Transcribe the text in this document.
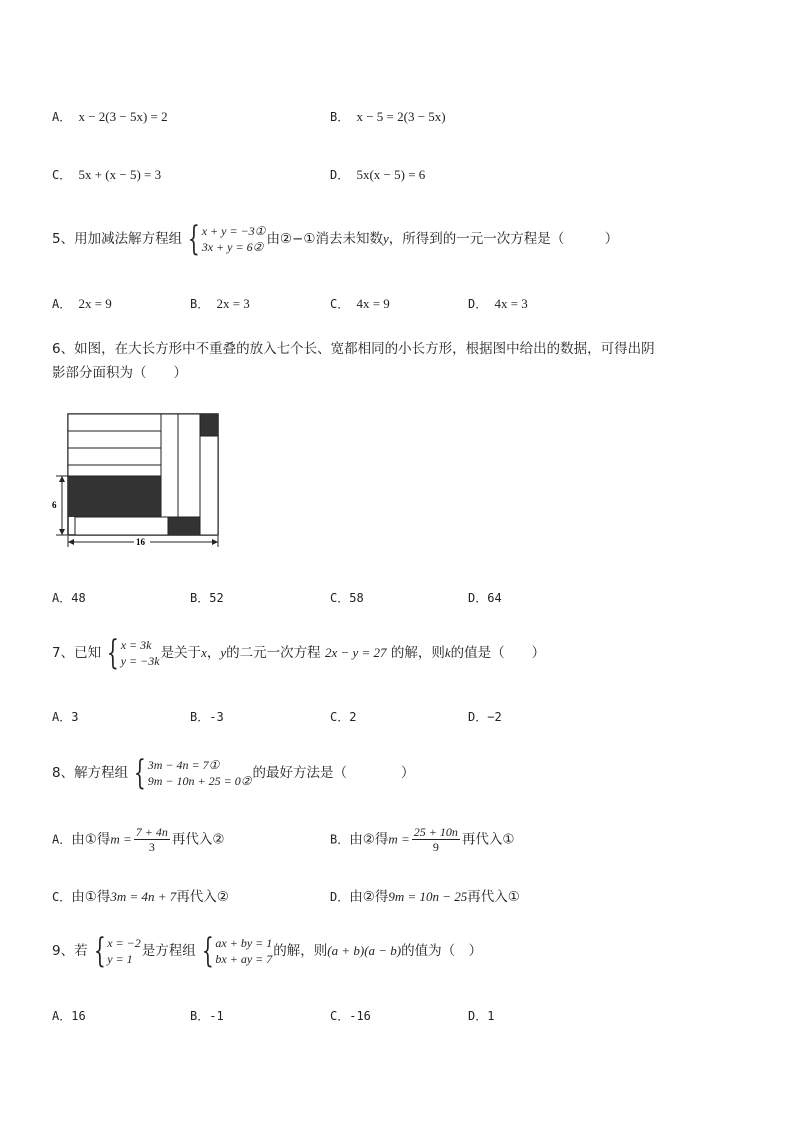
A． x − 2(3 − 5x) = 2	B． x − 5 = 2(3 − 5x)
C． 5x + (x − 5) = 3	D． 5x(x − 5) = 6
5、用加减法解方程组 { x + y = −3①
3x + y = 6② 由②−①消去未知数y，所得到的一元一次方程是（　　　）
A． 2x = 9	B． 2x = 3	C． 4x = 9	D． 4x = 3
6、如图，在大长方形中不重叠的放入七个长、宽都相同的小长方形，根据图中给出的数据，可得出阴
影部分面积为（　　）
6
16
A．48	B．52	C．58	D．64
7、已知 { x = 3k
y = −3k 是关于x，y的二元一次方程 2x − y = 27 的解，则k的值是（　　）
A．3	B．-3	C．2	D．−2
8、解方程组 { 3m − 4n = 7①
9m − 10n + 25 = 0② 的最好方法是（　　　　）
A．由①得$m = \frac{7 + 4n}{3}$ 再代入②	B．由②得$m = \frac{25 + 10n}{9}$ 再代入①
C．由①得3m = 4n + 7再代入②	D．由②得9m = 10n − 25再代入①
9、若 { x = −2
y = 1 是方程组 { ax + by = 1
bx + ay = 7 的解，则(a + b)(a − b)的值为（　）
A．16	B．-1	C．-16	D．1
